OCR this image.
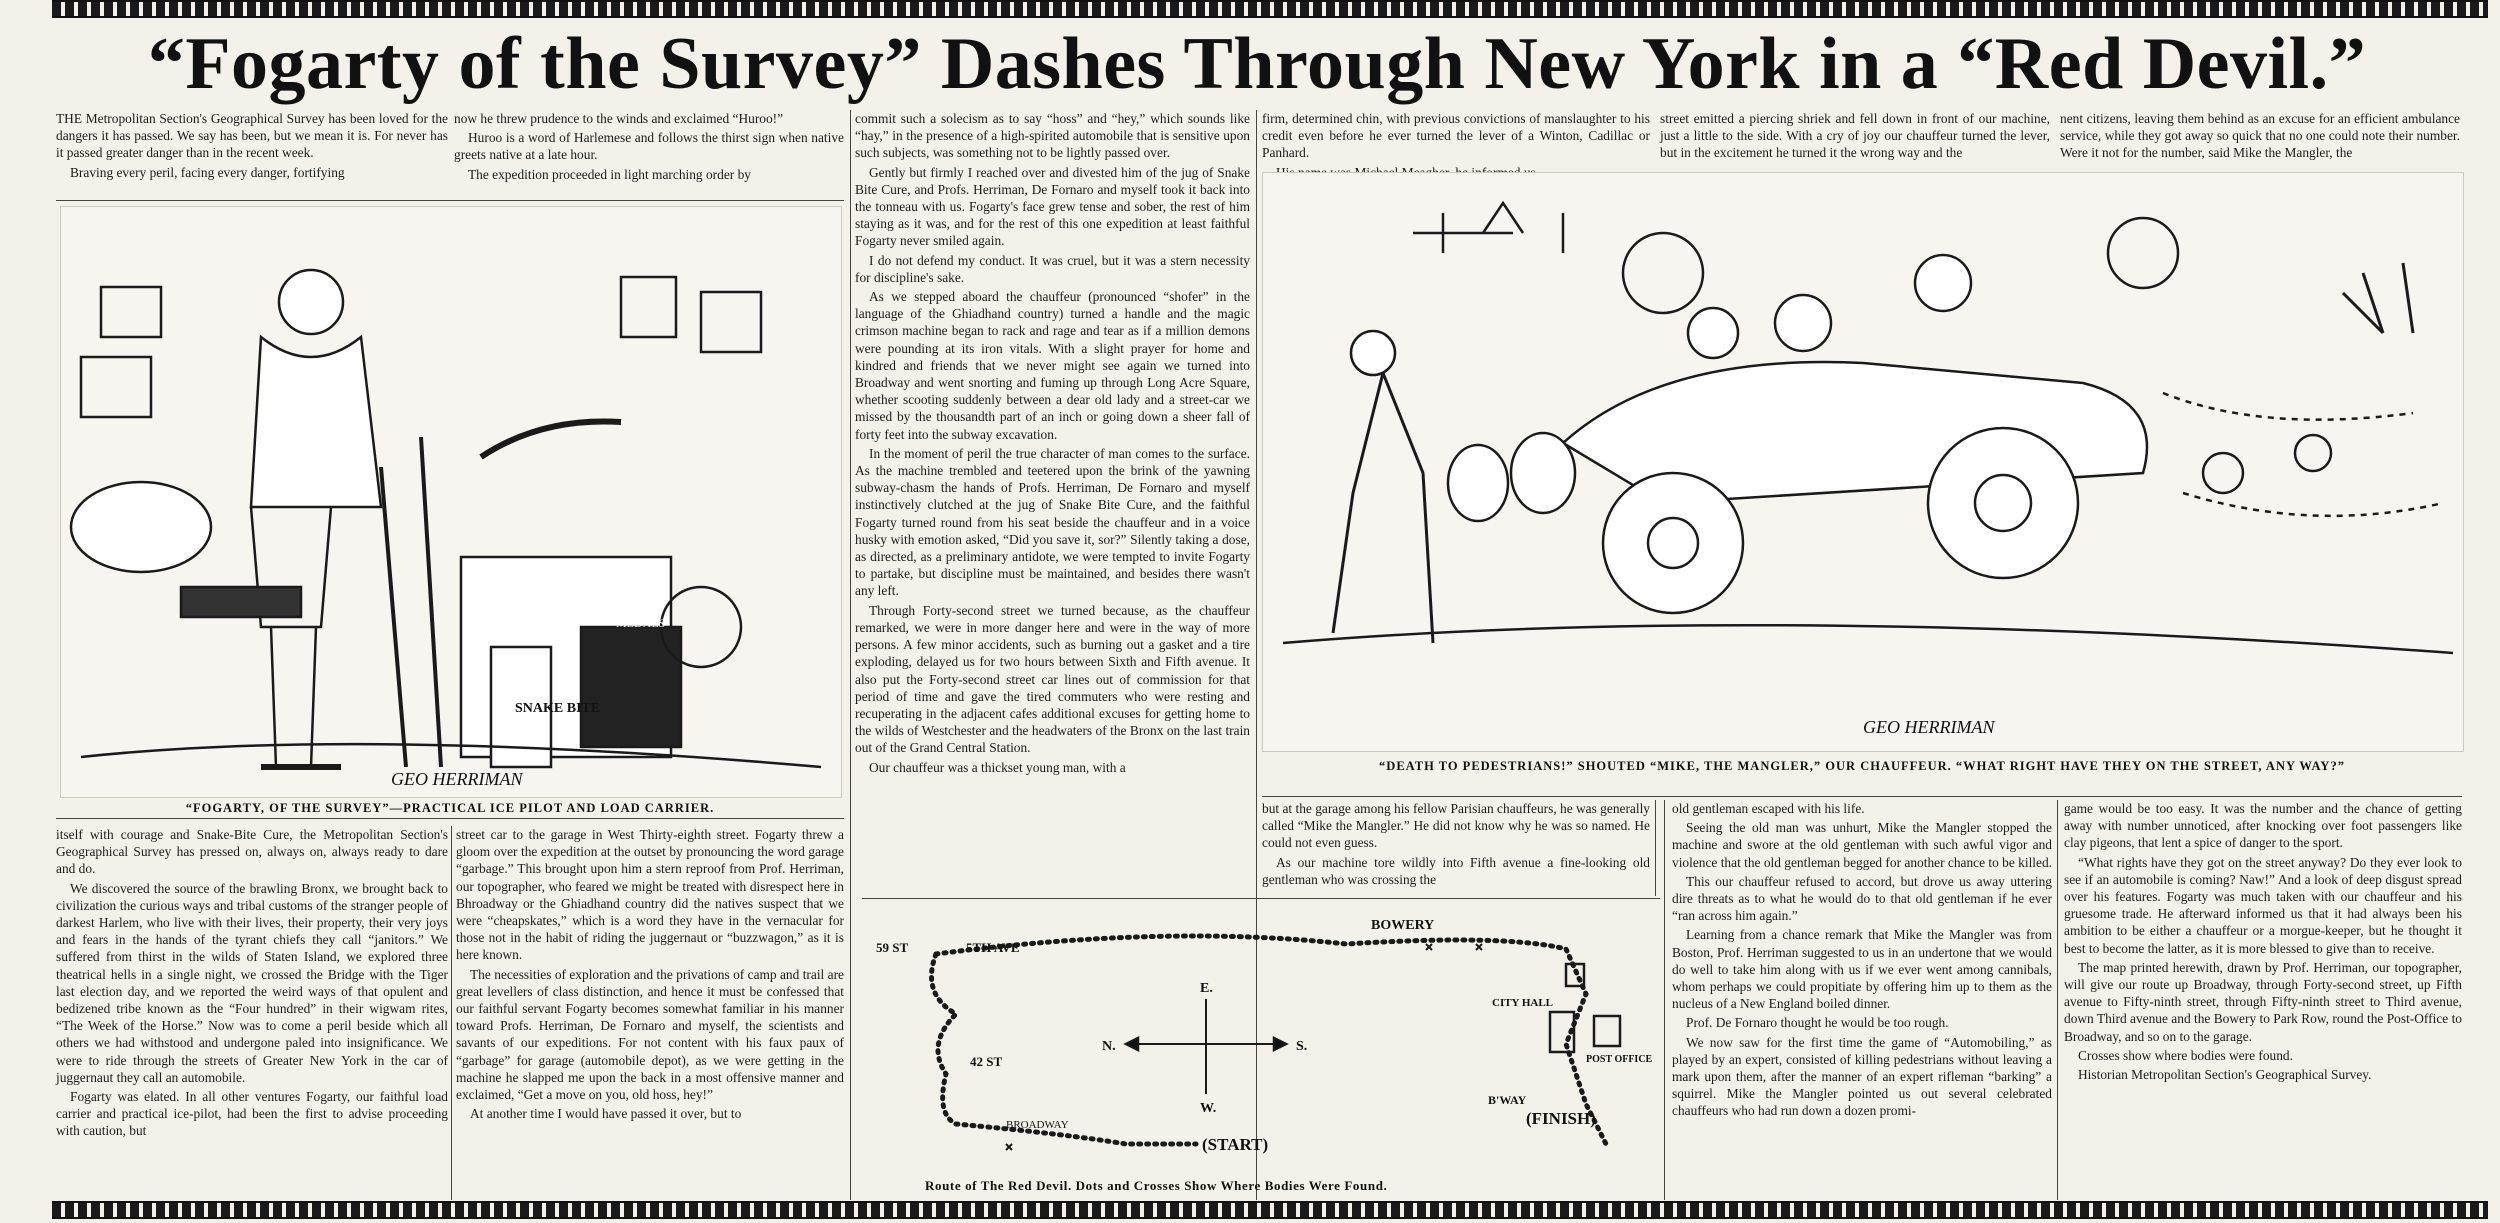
“Fogarty of the Survey” Dashes Through New York in a “Red Devil.”

THE Metropolitan Section's Geographical Survey has been loved for the dangers it has passed. We say has been, but we mean it is. For never has it passed greater danger than in the recent week.

Braving every peril, facing every danger, fortifying

now he threw prudence to the winds and exclaimed “Huroo!”

Huroo is a word of Harlemese and follows the thirst sign when native greets native at a late hour.

The expedition proceeded in light marching order by

commit such a solecism as to say “hoss” and “hey,” which sounds like “hay,” in the presence of a high-spirited automobile that is sensitive upon such subjects, was something not to be lightly passed over.

Gently but firmly I reached over and divested him of the jug of Snake Bite Cure, and Profs. Herriman, De Fornaro and myself took it back into the tonneau with us. Fogarty's face grew tense and sober, the rest of him staying as it was, and for the rest of this one expedition at least faithful Fogarty never smiled again.

I do not defend my conduct. It was cruel, but it was a stern necessity for discipline's sake.

As we stepped aboard the chauffeur (pronounced “shofer” in the language of the Ghiadhand country) turned a handle and the magic crimson machine began to rack and rage and tear as if a million demons were pounding at its iron vitals. With a slight prayer for home and kindred and friends that we never might see again we turned into Broadway and went snorting and fuming up through Long Acre Square, whether scooting suddenly between a dear old lady and a street-car we missed by the thousandth part of an inch or going down a sheer fall of forty feet into the subway excavation.

In the moment of peril the true character of man comes to the surface. As the machine trembled and teetered upon the brink of the yawning subway-chasm the hands of Profs. Herriman, De Fornaro and myself instinctively clutched at the jug of Snake Bite Cure, and the faithful Fogarty turned round from his seat beside the chauffeur and in a voice husky with emotion asked, “Did you save it, sor?” Silently taking a dose, as directed, as a preliminary antidote, we were tempted to invite Fogarty to partake, but discipline must be maintained, and besides there wasn't any left.

Through Forty-second street we turned because, as the chauffeur remarked, we were in more danger here and were in the way of more persons. A few minor accidents, such as burning out a gasket and a tire exploding, delayed us for two hours between Sixth and Fifth avenue. It also put the Forty-second street car lines out of commission for that period of time and gave the tired commuters who were resting and recuperating in the adjacent cafes additional excuses for getting home to the wilds of Westchester and the headwaters of the Bronx on the last train out of the Grand Central Station.

Our chauffeur was a thickset young man, with a

firm, determined chin, with previous convictions of manslaughter to his credit even before he ever turned the lever of a Winton, Cadillac or Panhard.

street emitted a piercing shriek and fell down in front of our machine, just a little to the side. With a cry of joy our chauffeur turned the lever, but in the excitement he turned it the wrong way and the

nent citizens, leaving them behind as an excuse for an efficient ambulance service, while they got away so quick that no one could note their number. Were it not for the number, said Mike the Mangler, the

SNAKE BITE
MEDALS
GEO HERRIMAN
“FOGARTY, OF THE SURVEY”—PRACTICAL ICE PILOT AND LOAD CARRIER.
GEO HERRIMAN
“DEATH TO PEDESTRIANS!” SHOUTED “MIKE, THE MANGLER,” OUR CHAUFFEUR. “WHAT RIGHT HAVE THEY ON THE STREET, ANY WAY?”

itself with courage and Snake-Bite Cure, the Metropolitan Section's Geographical Survey has pressed on, always on, always ready to dare and do.

We discovered the source of the brawling Bronx, we brought back to civilization the curious ways and tribal customs of the stranger people of darkest Harlem, who live with their lives, their property, their very joys and fears in the hands of the tyrant chiefs they call “janitors.” We suffered from thirst in the wilds of Staten Island, we explored three theatrical hells in a single night, we crossed the Bridge with the Tiger last election day, and we reported the weird ways of that opulent and bedizened tribe known as the “Four hundred” in their wigwam rites, “The Week of the Horse.” Now was to come a peril beside which all others we had withstood and undergone paled into insignificance. We were to ride through the streets of Greater New York in the car of juggernaut they call an automobile.

Fogarty was elated. In all other ventures Fogarty, our faithful load carrier and practical ice-pilot, had been the first to advise proceeding with caution, but

street car to the garage in West Thirty-eighth street. Fogarty threw a gloom over the expedition at the outset by pronouncing the word garage “garbage.” This brought upon him a stern reproof from Prof. Herriman, our topographer, who feared we might be treated with disrespect here in Bhroadway or the Ghiadhand country did the natives suspect that we were “cheapskates,” which is a word they have in the vernacular for those not in the habit of riding the juggernaut or “buzzwagon,” as it is here known.

The necessities of exploration and the privations of camp and trail are great levellers of class distinction, and hence it must be confessed that our faithful servant Fogarty becomes somewhat familiar in his manner toward Profs. Herriman, De Fornaro and myself, the scientists and savants of our expeditions. For not content with his faux paux of “garbage” for garage (automobile depot), as we were getting in the machine he slapped me upon the back in a most offensive manner and exclaimed, “Get a move on you, old hoss, hey!”

At another time I would have passed it over, but to

but at the garage among his fellow Parisian chauffeurs, he was generally called “Mike the Mangler.” He did not know why he was so named. He could not even guess.

As our machine tore wildly into Fifth avenue a fine-looking old gentleman who was crossing the

old gentleman escaped with his life.

Seeing the old man was unhurt, Mike the Mangler stopped the machine and swore at the old gentleman with such awful vigor and violence that the old gentleman begged for another chance to be killed.

This our chauffeur refused to accord, but drove us away uttering dire threats as to what he would do to that old gentleman if he ever “ran across him again.”

Learning from a chance remark that Mike the Mangler was from Boston, Prof. Herriman suggested to us in an undertone that we would do well to take him along with us if we ever went among cannibals, whom perhaps we could propitiate by offering him up to them as the nucleus of a New England boiled dinner.

Prof. De Fornaro thought he would be too rough.

We now saw for the first time the game of “Automobiling,” as played by an expert, consisted of killing pedestrians without leaving a mark upon them, after the manner of an expert rifleman “barking” a squirrel. Mike the Mangler pointed us out several celebrated chauffeurs who had run down a dozen promi-

game would be too easy. It was the number and the chance of getting away with number unnoticed, after knocking over foot passengers like clay pigeons, that lent a spice of danger to the sport.

“What rights have they got on the street anyway? Do they ever look to see if an automobile is coming? Naw!” And a look of deep disgust spread over his features. Fogarty was much taken with our chauffeur and his gruesome trade. He afterward informed us that it had always been his ambition to be either a chauffeur or a morgue-keeper, but he thought it best to become the latter, as it is more blessed to give than to receive.

The map printed herewith, drawn by Prof. Herriman, our topographer, will give our route up Broadway, through Forty-second street, up Fifth avenue to Fifty-ninth street, through Fifty-ninth street to Third avenue, down Third avenue and the Bowery to Park Row, round the Post-Office to Broadway, and so on to the garage.

Crosses show where bodies were found.

Historian Metropolitan Section's Geographical Survey.

BOWERY
59 ST	5TH AVE
42 ST
BROADWAY
(START)
(FINISH)
B'WAY
CITY HALL
POST OFFICE
N.	S.
E.
W.
Route of The Red Devil. Dots and Crosses Show Where Bodies Were Found.
